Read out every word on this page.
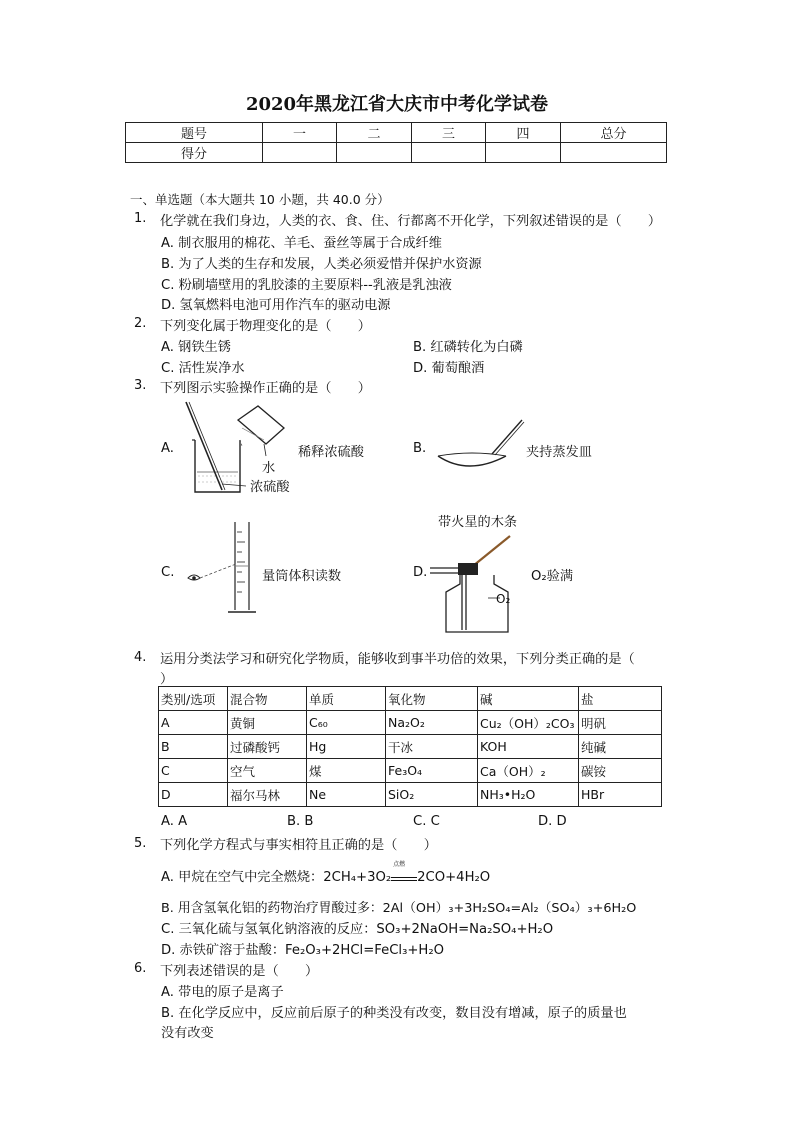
2020年黑龙江省大庆市中考化学试卷
题号	一	二	三	四	总分
得分					
一、单选题（本大题共 10 小题，共 40.0 分）
1. 化学就在我们身边，人类的衣、食、住、行都离不开化学，下列叙述错误的是（　　）
A. 制衣服用的棉花、羊毛、蚕丝等属于合成纤维
B. 为了人类的生存和发展，人类必须爱惜并保护水资源
C. 粉刷墙壁用的乳胶漆的主要原料--乳液是乳浊液
D. 氢氧燃料电池可用作汽车的驱动电源
2. 下列变化属于物理变化的是（　　）
A. 钢铁生锈	B. 红磷转化为白磷
C. 活性炭净水	D. 葡萄酿酒
3. 下列图示实验操作正确的是（　　）
A.
水
浓硫酸
稀释浓硫酸	B.	夹持蒸发皿
C.	量筒体积读数
带火星的木条
D.
O₂
O₂验满
4. 运用分类法学习和研究化学物质，能够收到事半功倍的效果，下列分类正确的是（
）
类别/选项	混合物	单质	氧化物	碱	盐
A	黄铜	C₆₀	Na₂O₂	Cu₂（OH）₂CO₃	明矾
B	过磷酸钙	Hg	干冰	KOH	纯碱
C	空气	煤	Fe₃O₄	Ca（OH）₂	碳铵
D	福尔马林	Ne	SiO₂	NH₃•H₂O	HBr
A. A	B. B	C. C	D. D
5. 下列化学方程式与事实相符且正确的是（　　）
A. 甲烷在空气中完全燃烧：2CH₄+3O₂
点燃
2CO+4H₂O
B. 用含氢氧化铝的药物治疗胃酸过多：2Al（OH）₃+3H₂SO₄=Al₂（SO₄）₃+6H₂O
C. 三氧化硫与氢氧化钠溶液的反应：SO₃+2NaOH=Na₂SO₄+H₂O
D. 赤铁矿溶于盐酸：Fe₂O₃+2HCl=FeCl₃+H₂O
6. 下列表述错误的是（　　）
A. 带电的原子是离子
B. 在化学反应中，反应前后原子的种类没有改变，数目没有增减，原子的质量也
没有改变
